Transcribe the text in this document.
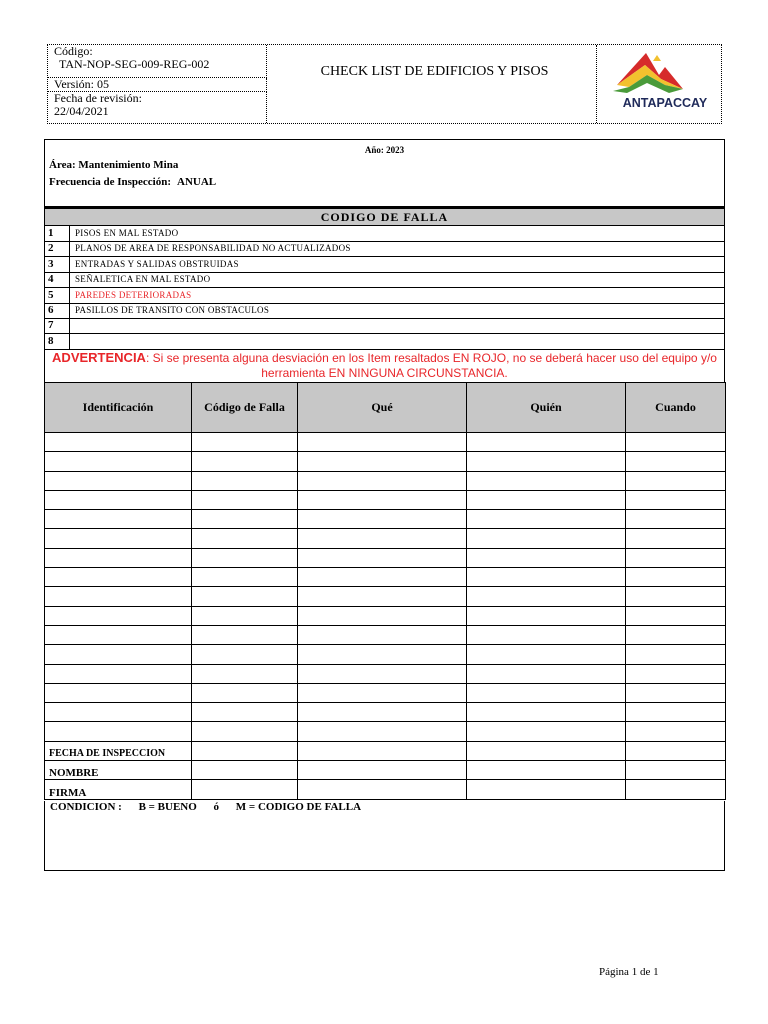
Código:
TAN-NOP-SEG-009-REG-002
Versión: 05
Fecha de revisión:
22/04/2021
CHECK LIST DE EDIFICIOS Y PISOS
ANTAPACCAY
Año: 2023
Área: Mantenimiento Mina
Frecuencia de Inspección: ANUAL
CODIGO DE FALLA
1	PISOS EN MAL ESTADO
2	PLANOS DE AREA DE RESPONSABILIDAD NO ACTUALIZADOS
3	ENTRADAS Y SALIDAS OBSTRUIDAS
4	SEÑALETICA EN MAL ESTADO
5	PAREDES DETERIORADAS
6	PASILLOS DE TRANSITO CON OBSTACULOS
7
8
ADVERTENCIA: Si se presenta alguna desviación en los Item resaltados EN ROJO, no se deberá hacer uso del equipo y/o herramienta EN NINGUNA CIRCUNSTANCIA.
Identificación	Código de Falla	Qué	Quién	Cuando

FECHA DE INSPECCION				
NOMBRE				
FIRMA				
CONDICION : B = BUENO ó M = CODIGO DE FALLA
Página 1 de 1
